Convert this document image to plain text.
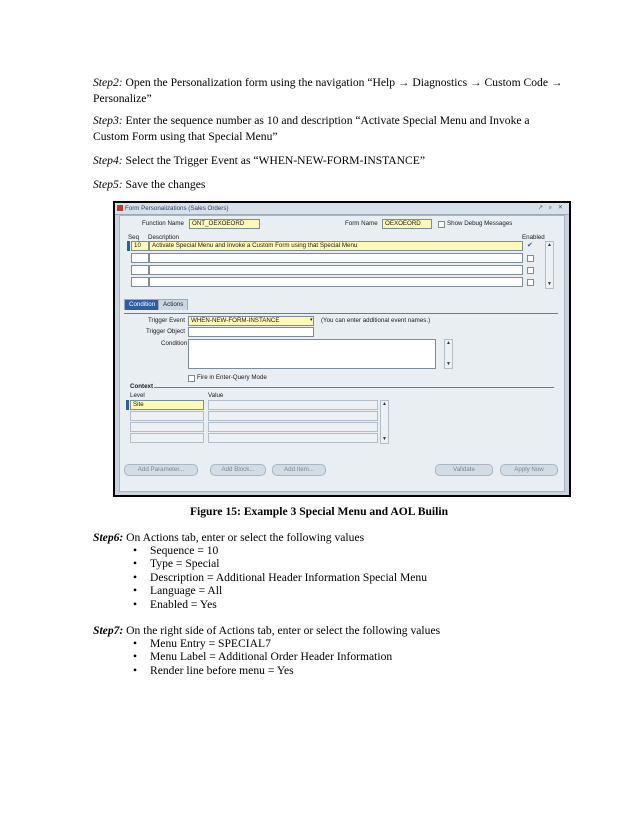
Step2: Open the Personalization form using the navigation “Help → Diagnostics → Custom Code → Personalize”
Step3: Enter the sequence number as 10 and description “Activate Special Menu and Invoke a Custom Form using that Special Menu”
Step4: Select the Trigger Event as “WHEN-NEW-FORM-INSTANCE”
Step5: Save the changes
Form Personalizations (Sales Orders)	↗ ⌕ ✕
Function Name	ONT_OEXOEORD	Form Name	OEXOEORD	Show Debug Messages
Seq Description	Enabled
10	Activate Special Menu and Invoke a Custom Form using that Special Menu	✔	▲
▼
Condition	Actions
Trigger Event WHEN-NEW-FORM-INSTANCE	▾ (You can enter additional event names.)
Trigger Object
Condition	▲
▼
Fire in Enter-Query Mode
Context
Level	Value
Site	▲
▼
Add Parameter...	Add Block...	Add Item...	Validate	Apply Now
Figure 15: Example 3 Special Menu and AOL Builin
Step6: On Actions tab, enter or select the following values
• Sequence = 10
• Type = Special
• Description = Additional Header Information Special Menu
• Language = All
• Enabled = Yes
Step7: On the right side of Actions tab, enter or select the following values
• Menu Entry = SPECIAL7
• Menu Label = Additional Order Header Information
• Render line before menu = Yes
